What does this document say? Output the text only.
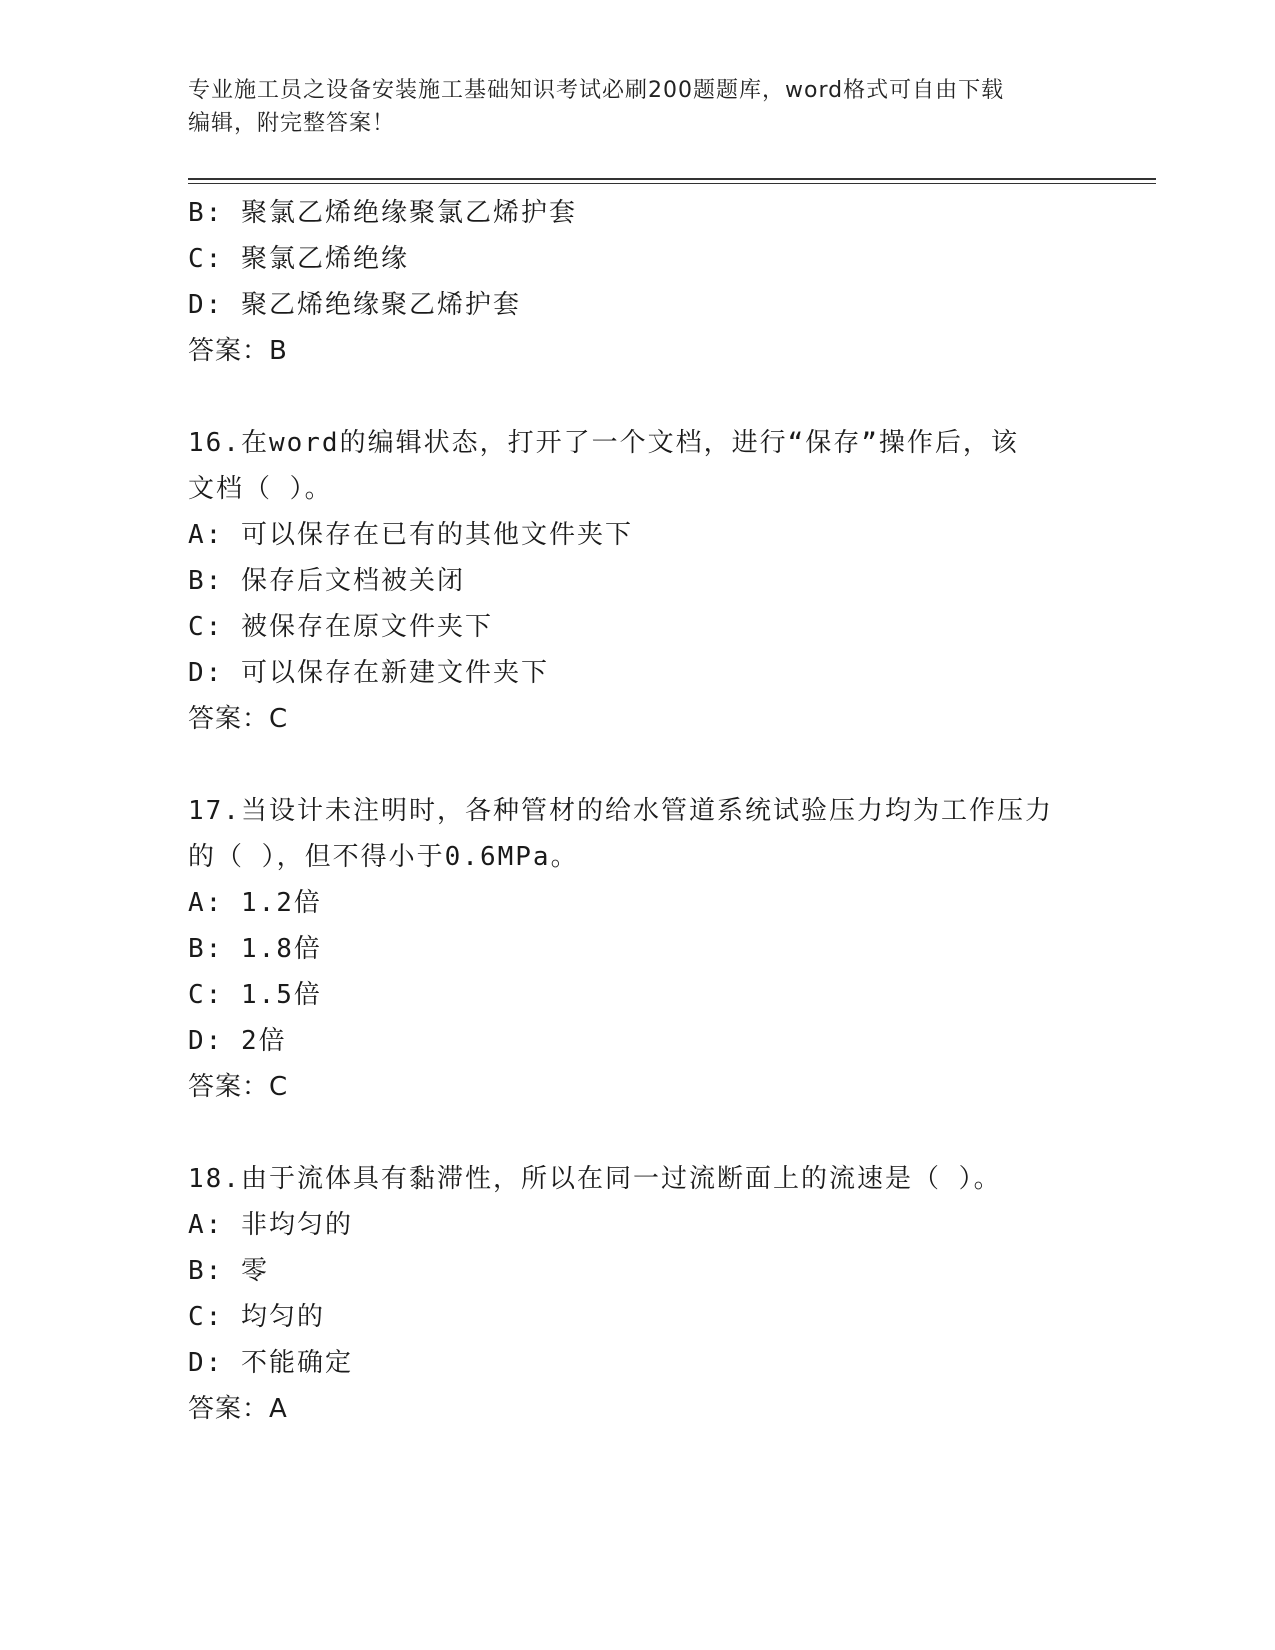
专业施工员之设备安装施工基础知识考试必刷200题题库，word格式可自由下载
编辑，附完整答案！
B: 聚氯乙烯绝缘聚氯乙烯护套
C: 聚氯乙烯绝缘
D: 聚乙烯绝缘聚乙烯护套
答案：B
16.在word的编辑状态，打开了一个文档，进行“保存”操作后，该
文档（ ）。
A: 可以保存在已有的其他文件夹下
B: 保存后文档被关闭
C: 被保存在原文件夹下
D: 可以保存在新建文件夹下
答案：C
17.当设计未注明时，各种管材的给水管道系统试验压力均为工作压力
的（ ），但不得小于0.6MPa。
A: 1.2倍
B: 1.8倍
C: 1.5倍
D: 2倍
答案：C
18.由于流体具有黏滞性，所以在同一过流断面上的流速是（ ）。
A: 非均匀的
B: 零
C: 均匀的
D: 不能确定
答案：A
